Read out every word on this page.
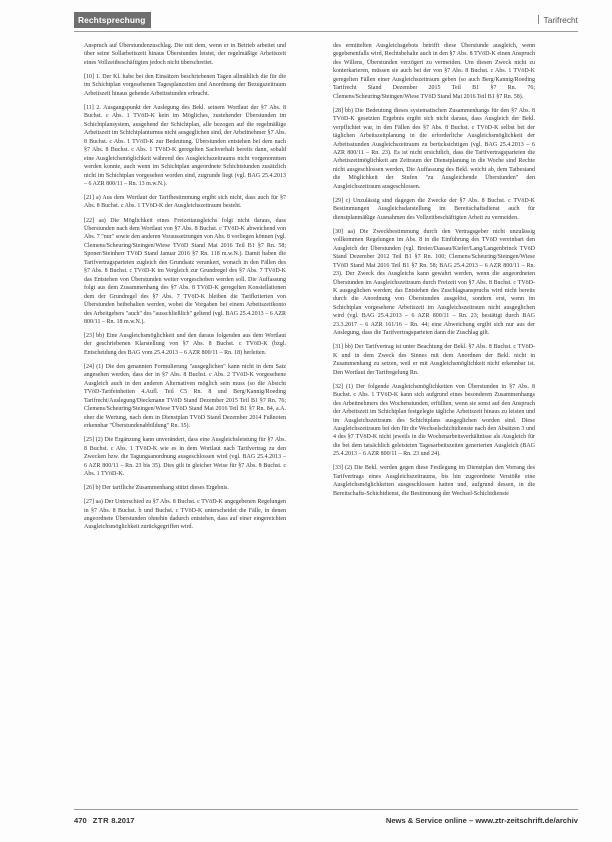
Rechtsprechung	Tarifrecht

Anspruch auf Überstundenzuschlag. Die mit dem, wenn er in Betrieb arbeitet und über seine Sollarbeitszeit hinaus Überstunden leistet, der regelmäßige Arbeitszeit eines Vollzeitbeschäftigten jedoch nicht überschreitet.

[10] 1. Der Kl. habe bei den Einsätzen beschriebenen Tagen allmählich die für die im Schichtplan vorgesehenen Tagesplanzeiten und Anordnung der Bezugszeitraum Arbeitszeit hinaus gehende Arbeitsstunden erbracht.

[11] 2. Ausgangspunkt der Auslegung des Bekl. seinem Wortlaut der §7 Abs. 8 Buchst. c Abs. 1 TVöD-K kein im Mögliches, zustehender Überstunden im Schichtplansystem, ausgehend der Schichtplan, alle bezogen auf die regelmäßige Arbeitszeit im Schichtplanturnus nicht ausgeglichen sind, der Arbeitnehmer §7 Abs. 8 Buchst. c Abs. 1 TVöD-K zur Bedeutung. Überstunden entstehen bei dem nach §7 Abs. 8 Buchst. c Abs. 1 TVöD-K geregelten Sachverhalt bereits dann, sobald eine Ausgleichsmöglichkeit während des Ausgleichszeitraums nicht vorgenommen werden konnte, auch wenn im Schichtplan angeordnete Schichtstunden zusätzlich nicht im Schichtplan vorgesehen worden sind, zugrunde liegt (vgl. BAG 25.4.2013 – 6 AZR 800/11 – Rn. 13 m.w.N.).

[21] a) Aus dem Wortlaut der Tarifbestimmung ergibt sich nicht, dass auch für §7 Abs. 8 Buchst. c Abs. 1 TVöD-K der Ausgleichszeitraum besteht.

[22] aa) Die Möglichkeit eines Freizeitausgleichs folgt nicht daraus, dass Überstunden nach dem Wortlaut von §7 Abs. 8 Buchst. c TVöD-K abweichend von Abs. 7 "nur" sowie den anderen Voraussetzungen von Abs. 8 vorliegen können (vgl. Clemens/Scheuring/Steingen/Wiese TVöD Stand Mai 2016 Teil B1 §7 Rn. 58; Sponer/Steinherr TVöD Stand Januar 2016 §7 Rn. 118 m.w.N.). Damit haben die Tarifvertragsparteien zugleich den Grundsatz verankert, wonach in den Fällen des §7 Abs. 8 Buchst. c TVöD-K im Vergleich zur Grundregel des §7 Abs. 7 TVöD-K das Entstehen von Überstunden weiter vorgeschoben werden soll. Die Auffassung folgt aus dem Zusammenhang des §7 Abs. 8 TVöD-K geregelten Konstellationen dem der Grundregel des §7 Abs. 7 TVöD-K bleiben die Tarifkriterien von Überstunden beibehalten werden, wobei die Vorgaben bei einem Arbeitszeitkonto des Arbeitgebers "auch" des "ausschließlich" geltend (vgl. BAG 25.4.2013 – 6 AZR 800/11 – Rn. 18 m.w.N.).

[23] bb) Eine Ausgleichsmöglichkeit und den daraus folgenden aus dem Wortlaut der geschriebenen Klarstellung von §7 Abs. 8 Buchst. c TVöD-K (bzgl. Entscheidung des BAG vom 25.4.2013 – 6 AZR 800/11 – Rn. 18) herleiten.

[24] (1) Die den genannten Formulierung "ausgeglichen" kann nicht in dem Satz angesehen werden, dass der in §7 Abs. 8 Buchst. c Abs. 2 TVöD-K vorgesehene Ausgleich auch in den anderen Alternativen möglich sein muss (so die Absicht TVöD-Tarifeinheiten 4.Aufl. Teil C5 Rn. 8 und Berg/Kannig/Roeding Tarifrecht/Auslegung/Dieckmann TVöD Stand Dezember 2015 Teil B1 §7 Rn. 76; Clemens/Scheuring/Steingen/Wiese TVöD Stand Mai 2016 Teil B1 §7 Rn. 84, a.A. eher die Wertung, nach dem in Dienstplan TVöD Stand Dezember 2014 Fußnoten erkennbar "Überstundenabbildung" Rn. 35).

[25] (2) Die Ergänzung kann unverändert, dass eine Ausgleichsleistung für §7 Abs. 8 Buchst. c Abs. 1 TVöD-K wie es in dem Wortlaut nach Tarifvertrag zu den Zwecken bzw. die Tagungsanordnung ausgeschlossen wird (vgl. BAG 25.4.2013 – 6 AZR 800/11 – Rn. 23 bis 35). Dies gilt in gleicher Weise für §7 Abs. 8 Buchst. c Abs. 1 TVöD-K.

[26] b) Der tarifliche Zusammenhang stützt dieses Ergebnis.

[27] aa) Der Unterschied zu §7 Abs. 8 Buchst. c TVöD-K angegebenen Regelungen in §7 Abs. 8 Buchst. b und Buchst. c TVöD-K unterscheidet die Fälle, in denen angeordnete Überstunden ohnehin dadurch entstehen, dass auf einer eingereichten Ausgleichsmöglichkeit zurückgegriffen wird.

des ermittelten Ausgleichsgebots betrifft diese Überstunde ausgleich, wenn gegebenenfalls wird, Rechtsbehalte auch in den §7 Abs. 8 TVöD-K einen Anspruch des Willens, Überstunden verzögert zu vermeiden. Um diesen Zweck nicht zu konterkarieren, müssen sie auch bei der von §7 Abs. 8 Buchst. c Abs. 1 TVöD-K geregelten Fällen einer Ausgleichszeitraum geben (so auch Berg/Kannig/Roeding Tarifrecht Stand Dezember 2015 Teil B1 §7 Rn. 76; Clemens/Scheuring/Steingen/Wiese TVöD Stand Mai 2016 Teil B1 §7 Rn. 58).

[28] bb) Die Bedeutung dieses systematischen Zusammenhangs für den §7 Abs. 8 TVöD-K gesetzten Ergebnis ergibt sich nicht daraus, dass Ausgleich der Bekl. verpflichtet war, in den Fällen des §7 Abs. 8 Buchst. c TVöD-K selbst bei der täglichen Arbeitszeitplanung in die erforderliche Ausgleichsmöglichkeit der Arbeitsstunden Ausgleichszeitraum zu berücksichtigen (vgl. BAG 25.4.2013 – 6 AZR 800/11 – Rn. 23). Es ist nicht ersichtlich, dass die Tarifvertragsparteien die Arbeitszeitmöglichkeit am Zeitraum der Dienstplanung in die Woche sind Rechte nicht ausgeschlossen werden, Die Auffassung des Bekl. weicht ab, dem Tatbestand die Möglichkeit der Stufen "zu Ausgleichende Überstunden" den Ausgleichszeitraum ausgeschlossen.

[29] c) Unzulässig sind dagegen die Zwecke der §7 Abs. 8 Buchst. c TVöD-K Bestimmungen Ausgleichsdarstellung im Bereitschaftsdienst auch für dienstplanmäßige Ausnahmen des Vollzeitbeschäftigten Arbeit zu vermeiden.

[30] aa) Die Zweckbestimmung durch den Vertragsgeber nicht unzulässig vollkommen Regelungen im Abs. 8 in die Einführung des TVöD vereinbart den Ausgleich der Überstunden (vgl. Breier/Dassau/Kiefer/Lang/Langenbrinck TVöD Stand Dezember 2012 Teil B1 §7 Rn. 100; Clemens/Scheuring/Steingen/Wiese TVöD Stand Mai 2016 Teil B1 §7 Rn. 58; BAG 25.4.2013 – 6 AZR 800/11 – Rn. 23). Der Zweck des Ausgleichs kann gewahrt werden, wenn die angeordneten Überstunden im Ausgleichszeitraum durch Freizeit von §7 Abs. 8 Buchst. c TVöD-K ausgeglichen werden; das Entstehen des Zuschlagsanspruchs wird nicht bereits durch die Anordnung von Überstunden ausgelöst, sondern erst, wenn im Schichtplan vorgesehene Arbeitszeit im Ausgleichszeitraum nicht ausgeglichen wird (vgl. BAG 25.4.2013 – 6 AZR 800/11 – Rn. 23; bestätigt durch BAG 23.3.2017 – 6 AZR 161/16 – Rn. 44; eine Abweichung ergibt sich nur aus der Auslegung, dass die Tarifvertragsparteien dann die Zuschlag gilt.

[31] bb) Der Tarifvertrag ist unter Beachtung der Bekl. §7 Abs. 8 Buchst. c TVöD-K und in dem Zweck des Sinnes mit dem Anordnen der Bekl. nicht in Zusammenhang zu setzen, weil er mit Ausgleichsmöglichkeit nicht erkennbar ist. Den Wortlaut der Tarifregelung Rn.

[32] (1) Der folgende Ausgleichsmöglichkeiten von Überstunden in §7 Abs. 8 Buchst. c Abs. 1 TVöD-K kann sich aufgrund eines besonderen Zusammenhangs des Arbeitnehmers des Wochenstunden, erfüllten, wenn sie sonst auf den Anspruch der Arbeitszeit im Schichtplan festgelegte tägliche Arbeitszeit hinaus zu leisten und im Ausgleichszeitraum des Schichtplans ausgeglichen worden sind. Diese Ausgleichszeitraum bei den für die Wechselschichtdienste nach den Absätzen 3 und 4 des §7 TVöD-K nicht jeweils in die Wochenarbeitsverhältnisse als Ausgleich für die bei dem tatsächlich geleisteten Tagesarbeitszeiten generierten Ausgleich (BAG 25.4.2013 – 6 AZR 800/11 – Rn. 23 und 24).

[33] (2) Die Bekl. werden gegen diese Festlegung im Dienstplan den Vorrang des Tarifvertrags eines Ausgleichszeitraums, bis hin zugeordnete Verstöße eine Ausgleichsmöglichkeiten ausgeschlossen hatten und, aufgrund dessen, in die Bereitschafts-Schichtdienst, die Bestimmung der Wechsel-Schichtdienste

470 ZTR 8.2017	News & Service online – www.ztr-zeitschrift.de/archiv
